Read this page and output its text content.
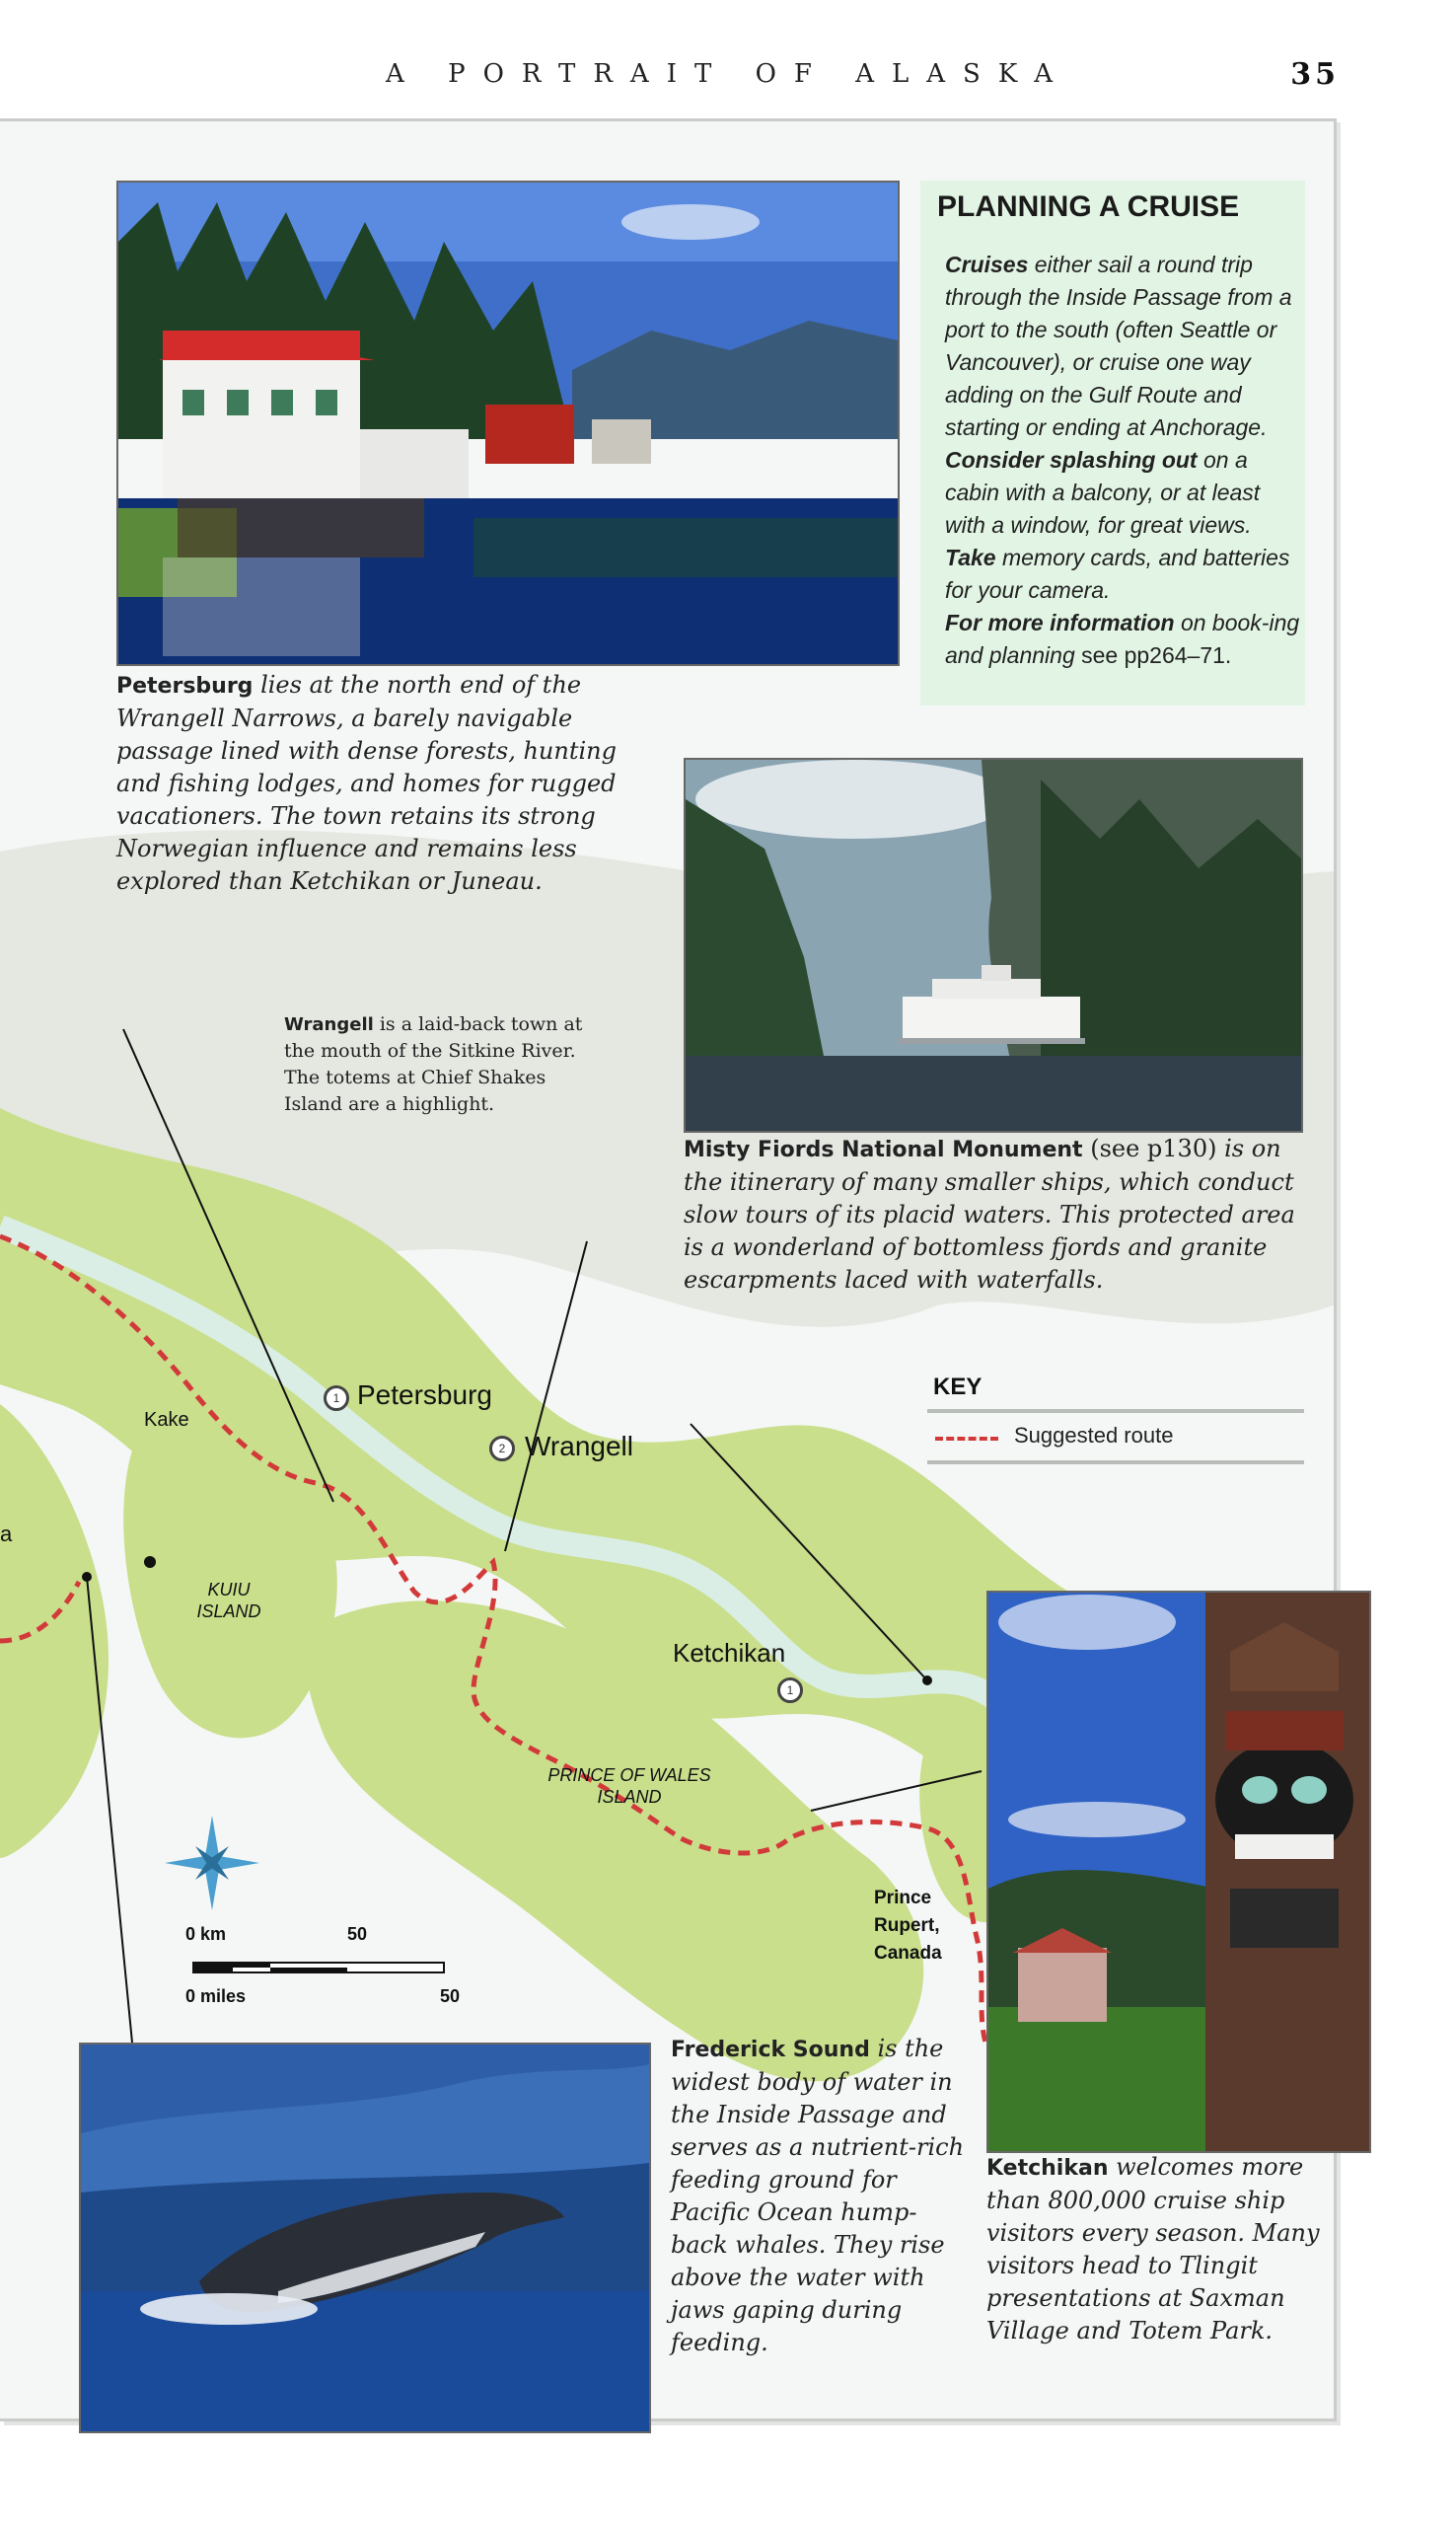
A PORTRAIT OF ALASKA	35
0 km	50
0 miles	50
PLANNING A CRUISE
Cruises either sail a round trip through the Inside Passage from a port to the south (often Seattle or Vancouver), or cruise one way adding on the Gulf Route and starting or ending at Anchorage.
Consider splashing out on a cabin with a balcony, or at least with a window, for great views.
Take memory cards, and batteries for your camera.
For more information on book-ing and planning see pp264–71.
Petersburg lies at the north end of the Wrangell Narrows, a barely navigable passage lined with dense forests, hunting and fishing lodges, and homes for rugged vacationers. The town retains its strong Norwegian influence and remains less explored than Ketchikan or Juneau.
Misty Fiords National Monument (see p130) is on the itinerary of many smaller ships, which conduct slow tours of its placid waters. This protected area is a wonderland of bottomless fjords and granite escarpments laced with waterfalls.
Wrangell is a laid-back town at the mouth of the Sitkine River. The totems at Chief Shakes Island are a highlight.
1 Petersburg
2 Wrangell
Kake
a
KUIU
ISLAND
Ketchikan
1
PRINCE OF WALES
ISLAND
Prince
Rupert,
Canada
KEY
Suggested route
Ketchikan welcomes more than 800,000 cruise ship visitors every season. Many visitors head to Tlingit presentations at Saxman Village and Totem Park.
Frederick Sound is the widest body of water in the Inside Passage and serves as a nutrient-rich feeding ground for Pacific Ocean hump-back whales. They rise above the water with jaws gaping during feeding.
